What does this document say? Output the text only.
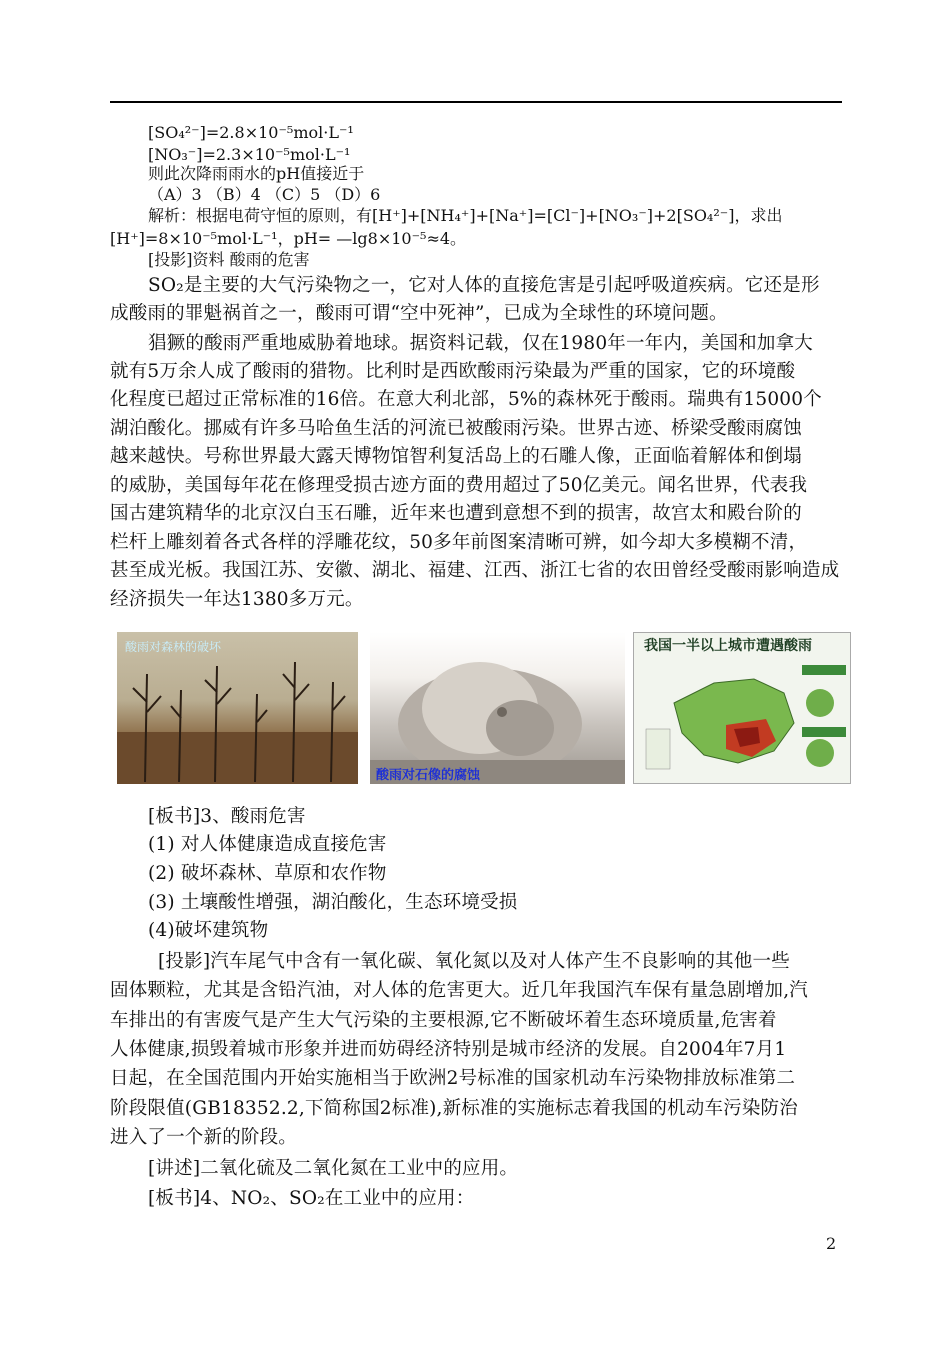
[SO₄²⁻]=2.8×10⁻⁵mol·L⁻¹
[NO₃⁻]=2.3×10⁻⁵mol·L⁻¹
则此次降雨雨水的pH值接近于
（A）3 （B）4 （C）5 （D）6
解析：根据电荷守恒的原则，有[H⁺]+[NH₄⁺]+[Na⁺]=[Cl⁻]+[NO₃⁻]+2[SO₄²⁻]，求出
[H⁺]=8×10⁻⁵mol·L⁻¹，pH= —lg8×10⁻⁵≈4。
[投影]资料 酸雨的危害
SO₂是主要的大气污染物之一，它对人体的直接危害是引起呼吸道疾病。它还是形
成酸雨的罪魁祸首之一，酸雨可谓“空中死神”，已成为全球性的环境问题。
猖獗的酸雨严重地威胁着地球。据资料记载，仅在1980年一年内，美国和加拿大
就有5万余人成了酸雨的猎物。比利时是西欧酸雨污染最为严重的国家，它的环境酸
化程度已超过正常标准的16倍。在意大利北部，5%的森林死于酸雨。瑞典有15000个
湖泊酸化。挪威有许多马哈鱼生活的河流已被酸雨污染。世界古迹、桥梁受酸雨腐蚀
越来越快。号称世界最大露天博物馆智利复活岛上的石雕人像，正面临着解体和倒塌
的威胁，美国每年花在修理受损古迹方面的费用超过了50亿美元。闻名世界，代表我
国古建筑精华的北京汉白玉石雕，近年来也遭到意想不到的损害，故宫太和殿台阶的
栏杆上雕刻着各式各样的浮雕花纹，50多年前图案清晰可辨，如今却大多模糊不清，
甚至成光板。我国江苏、安徽、湖北、福建、江西、浙江七省的农田曾经受酸雨影响造成
经济损失一年达1380多万元。
酸雨对森林的破坏
酸雨对石像的腐蚀
我国一半以上城市遭遇酸雨
[板书]3、酸雨危害
(1) 对人体健康造成直接危害
(2) 破坏森林、草原和农作物
(3) 土壤酸性增强，湖泊酸化，生态环境受损
(4)破坏建筑物
[投影]汽车尾气中含有一氧化碳、氧化氮以及对人体产生不良影响的其他一些
固体颗粒，尤其是含铅汽油，对人体的危害更大。近几年我国汽车保有量急剧增加,汽
车排出的有害废气是产生大气污染的主要根源,它不断破坏着生态环境质量,危害着
人体健康,损毁着城市形象并进而妨碍经济特别是城市经济的发展。自2004年7月1
日起，在全国范围内开始实施相当于欧洲2号标准的国家机动车污染物排放标准第二
阶段限值(GB18352.2,下简称国2标准),新标准的实施标志着我国的机动车污染防治
进入了一个新的阶段。
[讲述]二氧化硫及二氧化氮在工业中的应用。
[板书]4、NO₂、SO₂在工业中的应用：
2
